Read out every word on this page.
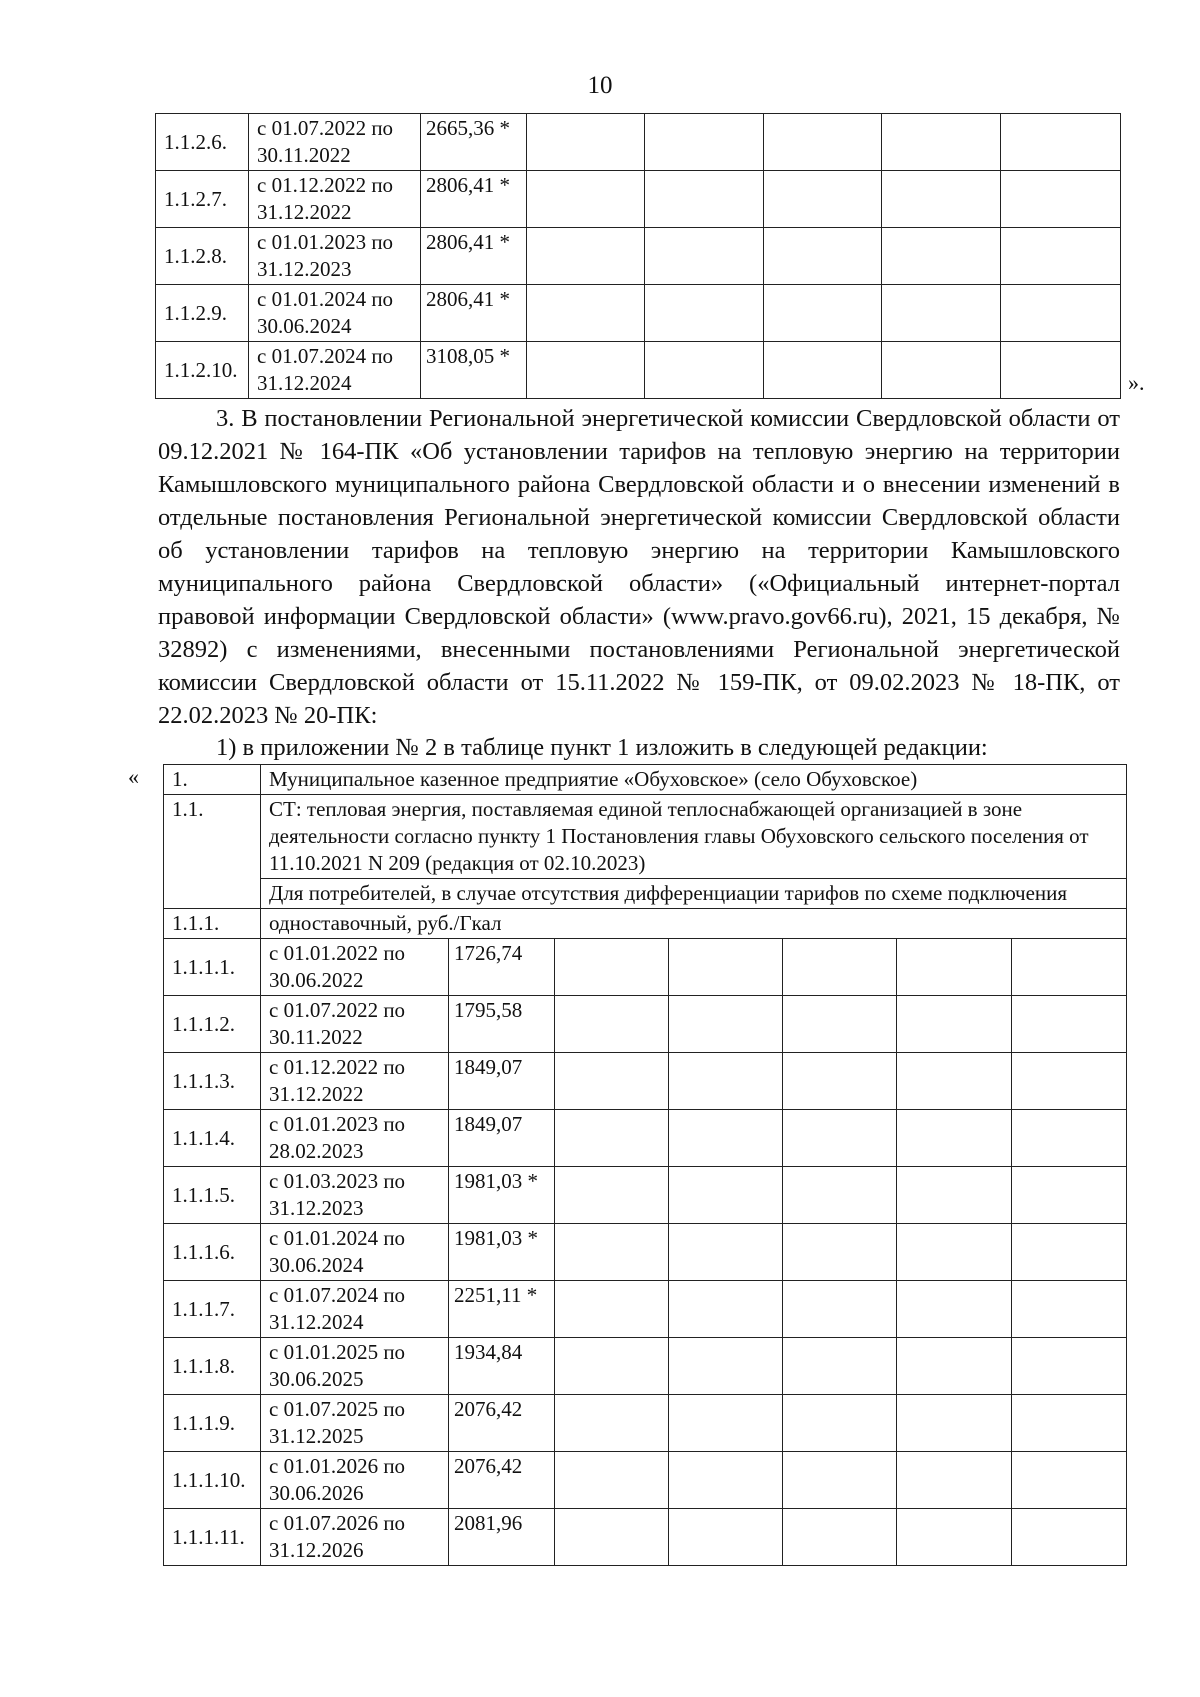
10
1.1.2.6.	с 01.07.2022 по 30.11.2022	2665,36 *					
1.1.2.7.	с 01.12.2022 по 31.12.2022	2806,41 *					
1.1.2.8.	с 01.01.2023 по 31.12.2023	2806,41 *					
1.1.2.9.	с 01.01.2024 по 30.06.2024	2806,41 *					
1.1.2.10.	с 01.07.2024 по 31.12.2024	3108,05 *					
».

3. В постановлении Региональной энергетической комиссии Свердловской области от 09.12.2021 № 164-ПК «Об установлении тарифов на тепловую энергию на территории Камышловского муниципального района Свердловской области и о внесении изменений в отдельные постановления Региональной энергетической комиссии Свердловской области об установлении тарифов на тепловую энергию на территории Камышловского муниципального района Свердловской области» («Официальный интернет-портал правовой информации Свердловской области» (www.pravo.gov66.ru), 2021, 15 декабря, № 32892) с изменениями, внесенными постановлениями Региональной энергетической комиссии Свердловской области от 15.11.2022 № 159-ПК, от 09.02.2023 № 18-ПК, от 22.02.2023 № 20-ПК:

1) в приложении № 2 в таблице пункт 1 изложить в следующей редакции:

« 1.	Муниципальное казенное предприятие «Обуховское» (село Обуховское)						
1.1.	СТ: тепловая энергия, поставляемая единой теплоснабжающей организацией в зоне деятельности согласно пункту 1 Постановления главы Обуховского сельского поселения от 11.10.2021 N 209 (редакция от 02.10.2023)						
	Для потребителей, в случае отсутствия дифференциации тарифов по схеме подключения						
1.1.1.	одноставочный, руб./Гкал						
1.1.1.1.	с 01.01.2022 по 30.06.2022	1726,74					
1.1.1.2.	с 01.07.2022 по 30.11.2022	1795,58					
1.1.1.3.	с 01.12.2022 по 31.12.2022	1849,07					
1.1.1.4.	с 01.01.2023 по 28.02.2023	1849,07					
1.1.1.5.	с 01.03.2023 по 31.12.2023	1981,03 *					
1.1.1.6.	с 01.01.2024 по 30.06.2024	1981,03 *					
1.1.1.7.	с 01.07.2024 по 31.12.2024	2251,11 *					
1.1.1.8.	с 01.01.2025 по 30.06.2025	1934,84					
1.1.1.9.	с 01.07.2025 по 31.12.2025	2076,42					
1.1.1.10.	с 01.01.2026 по 30.06.2026	2076,42					
1.1.1.11.	с 01.07.2026 по 31.12.2026	2081,96					
